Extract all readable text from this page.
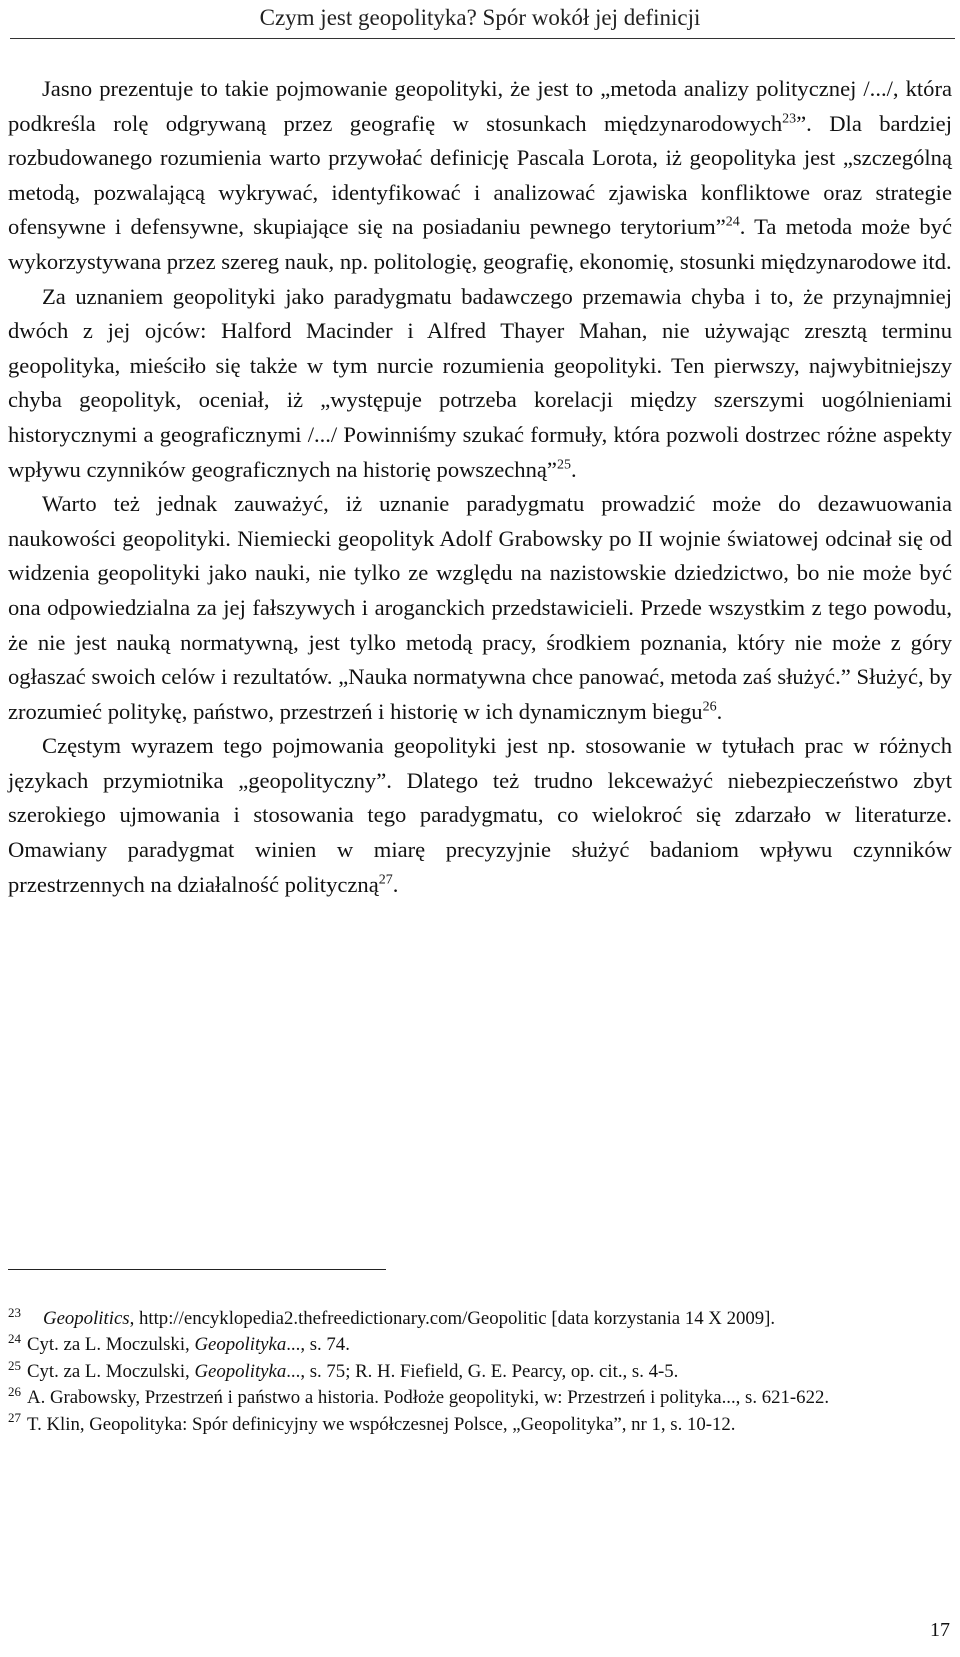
Czym jest geopolityka? Spór wokół jej definicji

Jasno prezentuje to takie pojmowanie geopolityki, że jest to „metoda analizy politycznej /.../, która podkreśla rolę odgrywaną przez geografię w stosunkach międzynarodowych$^{23}$”. Dla bardziej rozbudowanego rozumienia warto przywołać definicję Pascala Lorota, iż geopolityka jest „szczególną metodą, pozwalającą wykrywać, identyfikować i analizować zjawiska konfliktowe oraz strategie ofensywne i defensywne, skupiające się na posiadaniu pewnego terytorium”$^{24}$. Ta metoda może być wykorzystywana przez szereg nauk, np. politologię, geografię, ekonomię, stosunki międzynarodowe itd.

Za uznaniem geopolityki jako paradygmatu badawczego przemawia chyba i to, że przynajmniej dwóch z jej ojców: Halford Macinder i Alfred Thayer Mahan, nie używając zresztą terminu geopolityka, mieściło się także w tym nurcie rozumienia geopolityki. Ten pierwszy, najwybitniejszy chyba geopolityk, oceniał, iż „występuje potrzeba korelacji między szerszymi uogólnieniami historycznymi a geograficznymi /.../ Powinniśmy szukać formuły, która pozwoli dostrzec różne aspekty wpływu czynników geograficznych na historię powszechną”$^{25}$.

Warto też jednak zauważyć, iż uznanie paradygmatu prowadzić może do dezawuowania naukowości geopolityki. Niemiecki geopolityk Adolf Grabowsky po II wojnie światowej odcinał się od widzenia geopolityki jako nauki, nie tylko ze względu na nazistowskie dziedzictwo, bo nie może być ona odpowiedzialna za jej fałszywych i aroganckich przedstawicieli. Przede wszystkim z tego powodu, że nie jest nauką normatywną, jest tylko metodą pracy, środkiem poznania, który nie może z góry ogłaszać swoich celów i rezultatów. „Nauka normatywna chce panować, metoda zaś służyć.” Służyć, by zrozumieć politykę, państwo, przestrzeń i historię w ich dynamicznym biegu$^{26}$.

Częstym wyrazem tego pojmowania geopolityki jest np. stosowanie w tytułach prac w różnych językach przymiotnika „geopolityczny”. Dlatego też trudno lekceważyć niebezpieczeństwo zbyt szerokiego ujmowania i stosowania tego paradygmatu, co wielokroć się zdarzało w literaturze. Omawiany paradygmat winien w miarę precyzyjnie służyć badaniom wpływu czynników przestrzennych na działalność polityczną$^{27}$.

$^{23}$ Geopolitics, http://encyklopedia2.thefreedictionary.com/Geopolitic [data korzystania 14 X 2009].

$^{24}$ Cyt. za L. Moczulski, Geopolityka..., s. 74.

$^{25}$ Cyt. za L. Moczulski, Geopolityka..., s. 75; R. H. Fiefield, G. E. Pearcy, op. cit., s. 4-5.

$^{26}$ A. Grabowsky, Przestrzeń i państwo a historia. Podłoże geopolityki, w: Przestrzeń i polityka..., s. 621-622.

$^{27}$ T. Klin, Geopolityka: Spór definicyjny we współczesnej Polsce, „Geopolityka”, nr 1, s. 10-12.

17
